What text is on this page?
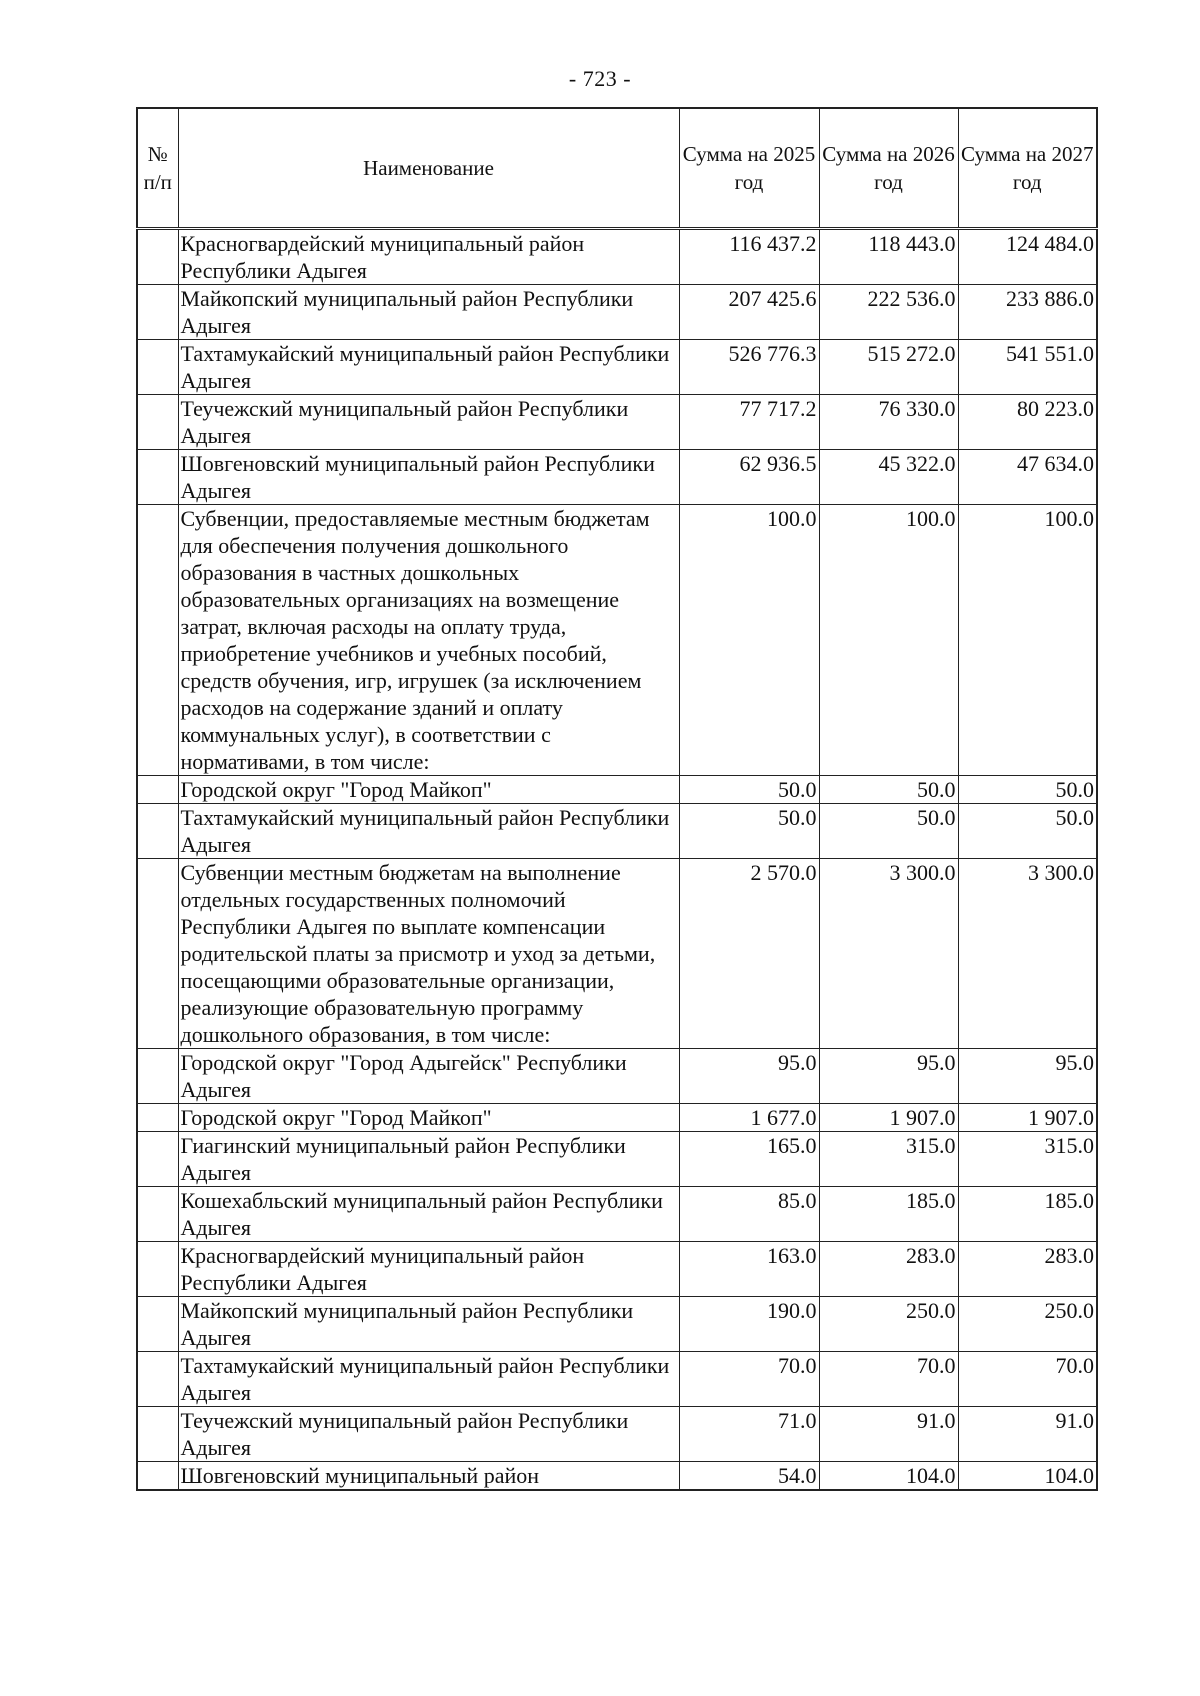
- 723 -
№ п/п	Наименование	Сумма на 2025 год	Сумма на 2026 год	Сумма на 2027 год
	Красногвардейский муниципальный район Республики Адыгея	116 437.2	118 443.0	124 484.0
	Майкопский муниципальный район Республики Адыгея	207 425.6	222 536.0	233 886.0
	Тахтамукайский муниципальный район Республики Адыгея	526 776.3	515 272.0	541 551.0
	Теучежский муниципальный район Республики Адыгея	77 717.2	76 330.0	80 223.0
	Шовгеновский муниципальный район Республики Адыгея	62 936.5	45 322.0	47 634.0
	Субвенции, предоставляемые местным бюджетам для обеспечения получения дошкольного образования в частных дошкольных образовательных организациях на возмещение затрат, включая расходы на оплату труда, приобретение учебников и учебных пособий, средств обучения, игр, игрушек (за исключением расходов на содержание зданий и оплату коммунальных услуг), в соответствии с нормативами, в том числе:	100.0	100.0	100.0
	Городской округ "Город Майкоп"	50.0	50.0	50.0
	Тахтамукайский муниципальный район Республики Адыгея	50.0	50.0	50.0
	Субвенции местным бюджетам на выполнение отдельных государственных полномочий Республики Адыгея по выплате компенсации родительской платы за присмотр и уход за детьми, посещающими образовательные организации, реализующие образовательную программу дошкольного образования, в том числе:	2 570.0	3 300.0	3 300.0
	Городской округ "Город Адыгейск" Республики Адыгея	95.0	95.0	95.0
	Городской округ "Город Майкоп"	1 677.0	1 907.0	1 907.0
	Гиагинский муниципальный район Республики Адыгея	165.0	315.0	315.0
	Кошехабльский муниципальный район Республики Адыгея	85.0	185.0	185.0
	Красногвардейский муниципальный район Республики Адыгея	163.0	283.0	283.0
	Майкопский муниципальный район Республики Адыгея	190.0	250.0	250.0
	Тахтамукайский муниципальный район Республики Адыгея	70.0	70.0	70.0
	Теучежский муниципальный район Республики Адыгея	71.0	91.0	91.0
	Шовгеновский муниципальный район	54.0	104.0	104.0
